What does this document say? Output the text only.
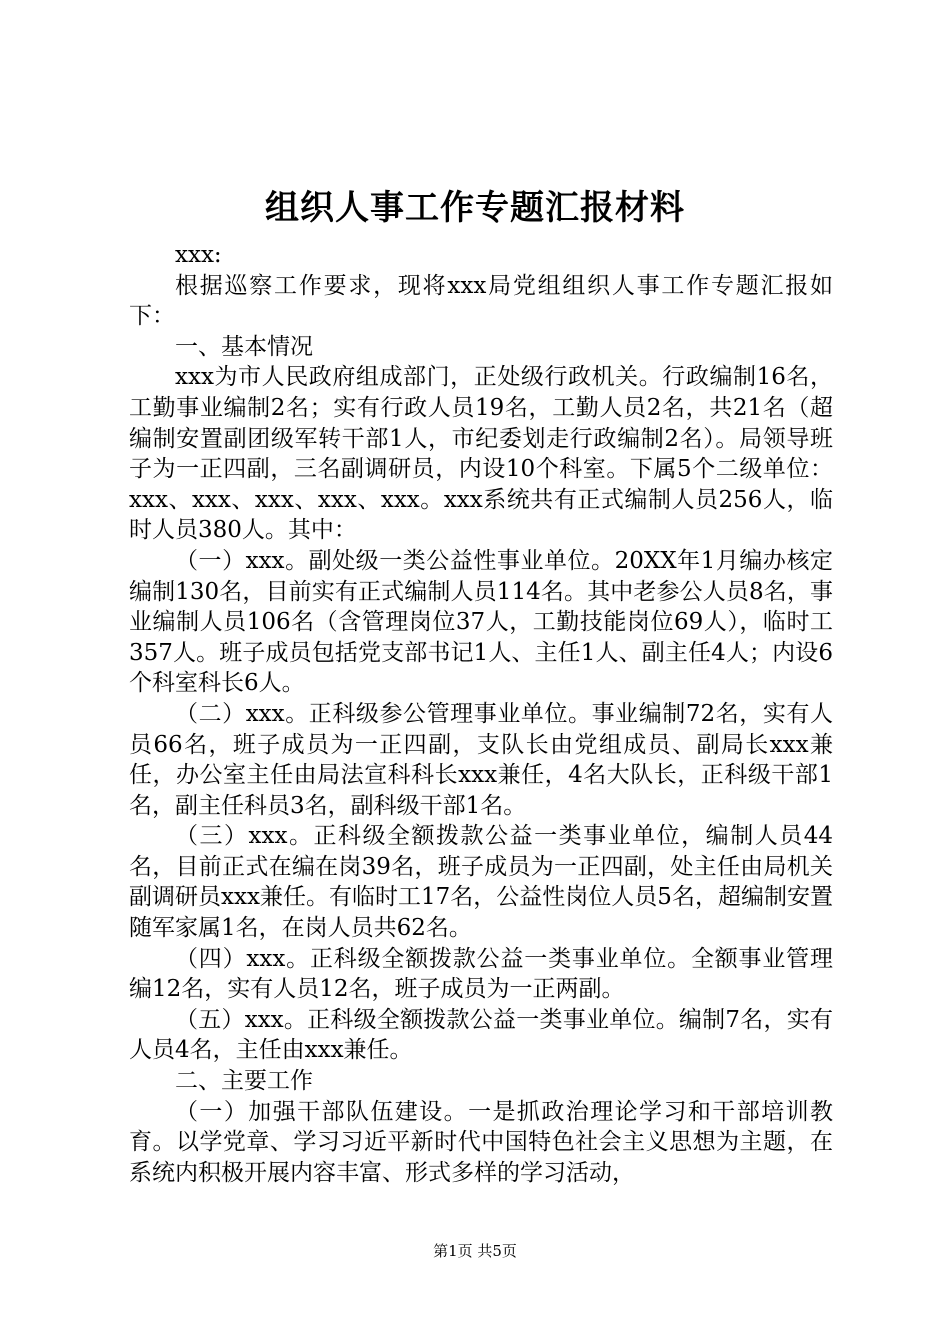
组织人事工作专题汇报材料

xxx:

根据巡察工作要求，现将xxx局党组组织人事工作专题汇报如下：

一、基本情况

xxx为市人民政府组成部门，正处级行政机关。行政编制16名，工勤事业编制2名；实有行政人员19名，工勤人员2名，共21名（超编制安置副团级军转干部1人，市纪委划走行政编制2名）。局领导班子为一正四副，三名副调研员，内设10个科室。下属5个二级单位：xxx、xxx、xxx、xxx、xxx。xxx系统共有正式编制人员256人，临时人员380人。其中：

（一）xxx。副处级一类公益性事业单位。20XX年1月编办核定编制130名，目前实有正式编制人员114名。其中老参公人员8名，事业编制人员106名（含管理岗位37人，工勤技能岗位69人），临时工357人。班子成员包括党支部书记1人、主任1人、副主任4人；内设6个科室科长6人。

（二）xxx。正科级参公管理事业单位。事业编制72名，实有人员66名，班子成员为一正四副，支队长由党组成员、副局长xxx兼任，办公室主任由局法宣科科长xxx兼任，4名大队长，正科级干部1名，副主任科员3名，副科级干部1名。

（三）xxx。正科级全额拨款公益一类事业单位，编制人员44名，目前正式在编在岗39名，班子成员为一正四副，处主任由局机关副调研员xxx兼任。有临时工17名，公益性岗位人员5名，超编制安置随军家属1名，在岗人员共62名。

（四）xxx。正科级全额拨款公益一类事业单位。全额事业管理编12名，实有人员12名，班子成员为一正两副。

（五）xxx。正科级全额拨款公益一类事业单位。编制7名，实有人员4名，主任由xxx兼任。

二、主要工作

（一）加强干部队伍建设。一是抓政治理论学习和干部培训教育。以学党章、学习习近平新时代中国特色社会主义思想为主题，在系统内积极开展内容丰富、形式多样的学习活动，

第1页 共5页
